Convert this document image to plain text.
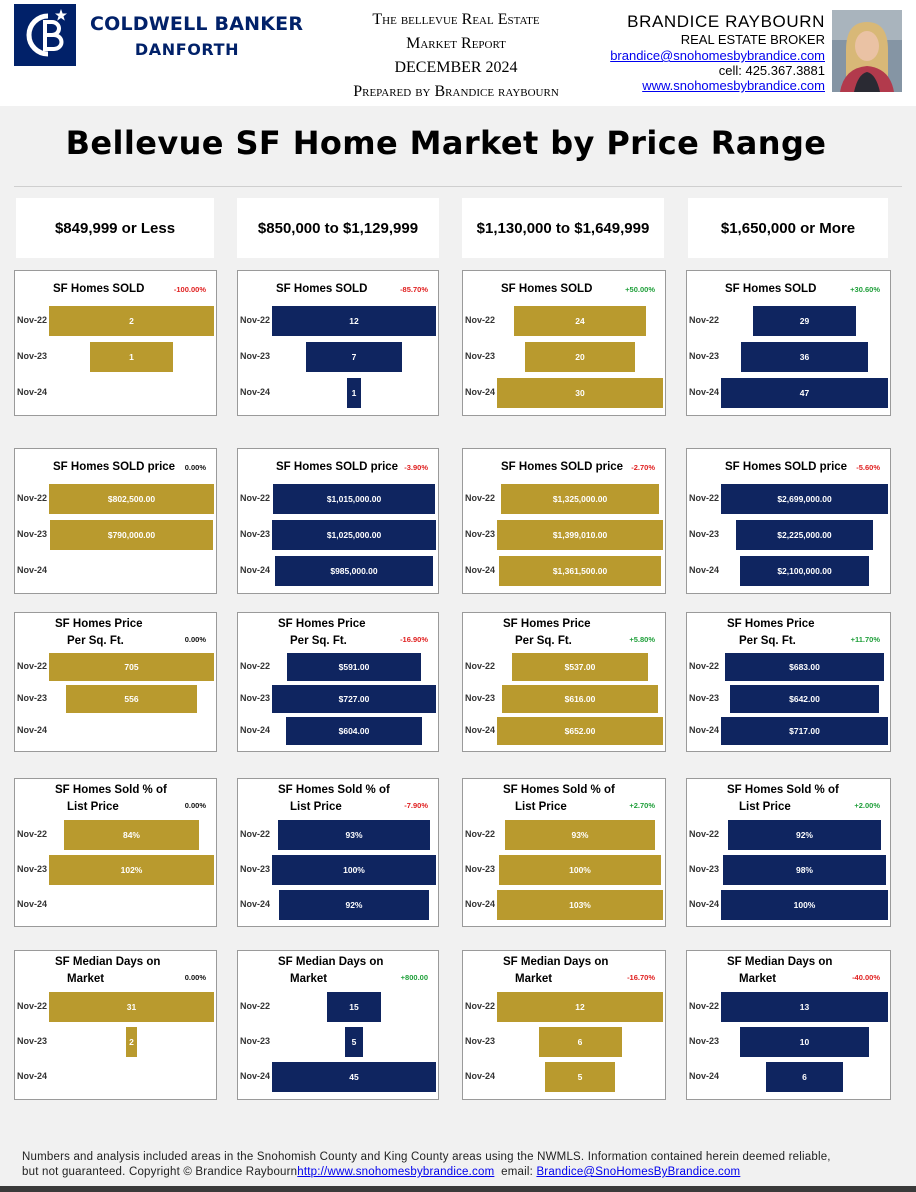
COLDWELL BANKER
DANFORTH
The bellevue Real Estate
Market Report
DECEMBER 2024
Prepared by Brandice raybourn
BRANDICE RAYBOURN
REAL ESTATE BROKER
brandice@snohomesbybrandice.com
cell: 425.367.3881
www.snohomesbybrandice.com
Bellevue SF Home Market by Price Range
$849,999 or Less	$850,000 to $1,129,999	$1,130,000 to $1,649,999	$1,650,000 or More
SF Homes SOLD	-100.00%
Nov-22	2
Nov-23	1
Nov-24
SF Homes SOLD	-85.70%
Nov-22	12
Nov-23	7
Nov-24	1
SF Homes SOLD	+50.00%
Nov-22	24
Nov-23	20
Nov-24	30
SF Homes SOLD	+30.60%
Nov-22	29
Nov-23	36
Nov-24	47
SF Homes SOLD price 0.00%
Nov-22	$802,500.00
Nov-23	$790,000.00
Nov-24
SF Homes SOLD price -3.90%
Nov-22	$1,015,000.00
Nov-23	$1,025,000.00
Nov-24	$985,000.00
SF Homes SOLD price -2.70%
Nov-22	$1,325,000.00
Nov-23	$1,399,010.00
Nov-24	$1,361,500.00
SF Homes SOLD price -5.60%
Nov-22	$2,699,000.00
Nov-23	$2,225,000.00
Nov-24	$2,100,000.00
SF Homes Price
Per Sq. Ft.	0.00%
Nov-22	705
Nov-23	556
Nov-24
SF Homes Price
Per Sq. Ft.	-16.90%
Nov-22	$591.00
Nov-23	$727.00
Nov-24	$604.00
SF Homes Price
Per Sq. Ft.	+5.80%
Nov-22	$537.00
Nov-23	$616.00
Nov-24	$652.00
SF Homes Price
Per Sq. Ft.	+11.70%
Nov-22	$683.00
Nov-23	$642.00
Nov-24	$717.00
SF Homes Sold % of
List Price	0.00%
Nov-22	84%
Nov-23	102%
Nov-24
SF Homes Sold % of
List Price	-7.90%
Nov-22	93%
Nov-23	100%
Nov-24	92%
SF Homes Sold % of
List Price	+2.70%
Nov-22	93%
Nov-23	100%
Nov-24	103%
SF Homes Sold % of
List Price	+2.00%
Nov-22	92%
Nov-23	98%
Nov-24	100%
SF Median Days on
Market	0.00%
Nov-22	31
Nov-23	2
Nov-24
SF Median Days on
Market	+800.00
Nov-22	15
Nov-23	5
Nov-24	45
SF Median Days on
Market	-16.70%
Nov-22	12
Nov-23	6
Nov-24	5
SF Median Days on
Market	-40.00%
Nov-22	13
Nov-23	10
Nov-24	6
Numbers and analysis included areas in the Snohomish County and King County areas using the NWMLS. Information contained herein deemed reliable,
but not guaranteed. Copyright © Brandice Raybournhttp://www.snohomesbybrandice.com  email: Brandice@SnoHomesByBrandice.com
